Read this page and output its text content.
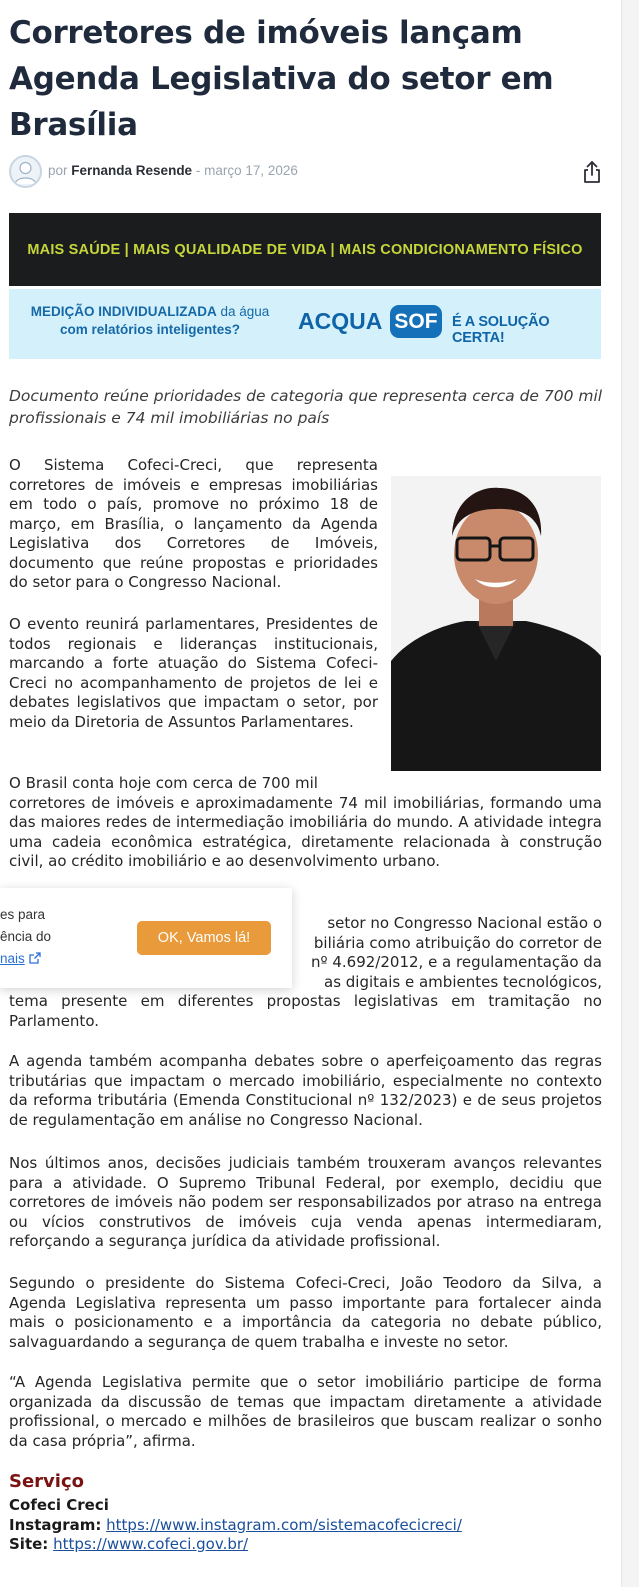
Corretores de imóveis lançam Agenda Legislativa do setor em Brasília
por Fernanda Resende - março 17, 2026
MAIS SAÚDE | MAIS QUALIDADE DE VIDA | MAIS CONDICIONAMENTO FÍSICO
MEDIÇÃO INDIVIDUALIZADA da água
com relatórios inteligentes?	ACQUA SOF É A SOLUÇÃO CERTA!

Documento reúne prioridades de categoria que representa cerca de 700 mil profissionais e 74 mil imobiliárias no país

O Sistema Cofeci-Creci, que representa corretores de imóveis e empresas imobiliárias em todo o país, promove no próximo 18 de março, em Brasília, o lançamento da Agenda Legislativa dos Corretores de Imóveis, documento que reúne propostas e prioridades do setor para o Congresso Nacional.

O evento reunirá parlamentares, Presidentes de todos regionais e lideranças institucionais, marcando a forte atuação do Sistema Cofeci-Creci no acompanhamento de projetos de lei e debates legislativos que impactam o setor, por meio da Diretoria de Assuntos Parlamentares.

O Brasil conta hoje com cerca de 700 mil

corretores de imóveis e aproximadamente 74 mil imobiliárias, formando uma das maiores redes de intermediação imobiliária do mundo. A atividade integra uma cadeia econômica estratégica, diretamente relacionada à construção civil, ao crédito imobiliário e ao desenvolvimento urbano.

setor no Congresso Nacional estão o
biliária como atribuição do corretor de
nº 4.692/2012, e a regulamentação da
as digitais e ambientes tecnológicos,

tema presente em diferentes propostas legislativas em tramitação no Parlamento.

A agenda também acompanha debates sobre o aperfeiçoamento das regras tributárias que impactam o mercado imobiliário, especialmente no contexto da reforma tributária (Emenda Constitucional nº 132/2023) e de seus projetos de regulamentação em análise no Congresso Nacional.

Nos últimos anos, decisões judiciais também trouxeram avanços relevantes para a atividade. O Supremo Tribunal Federal, por exemplo, decidiu que corretores de imóveis não podem ser responsabilizados por atraso na entrega ou vícios construtivos de imóveis cuja venda apenas intermediaram, reforçando a segurança jurídica da atividade profissional.

Segundo o presidente do Sistema Cofeci-Creci, João Teodoro da Silva, a Agenda Legislativa representa um passo importante para fortalecer ainda mais o posicionamento e a importância da categoria no debate público, salvaguardando a segurança de quem trabalha e investe no setor.

“A Agenda Legislativa permite que o setor imobiliário participe de forma organizada da discussão de temas que impactam diretamente a atividade profissional, o mercado e milhões de brasileiros que buscam realizar o sonho da casa própria”, afirma.

Serviço
Cofeci Creci
Instagram: https://www.instagram.com/sistemacofecicreci/
Site: https://www.cofeci.gov.br/
es para
ência do
nais
OK, Vamos lá!
